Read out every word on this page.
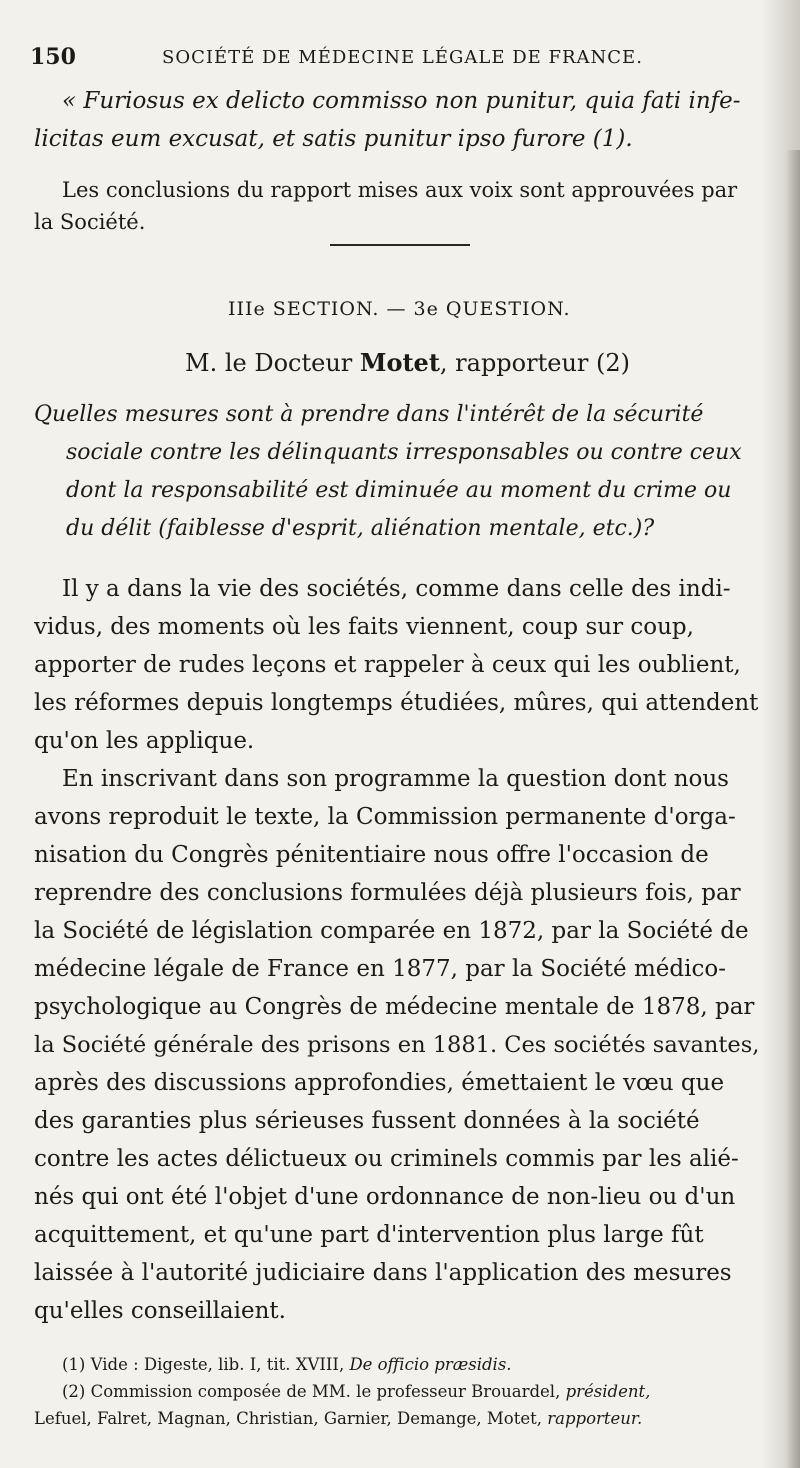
150	SOCIÉTÉ DE MÉDECINE LÉGALE DE FRANCE.
« Furiosus ex delicto commisso non punitur, quia fati infe-
licitas eum excusat, et satis punitur ipso furore (1).
Les conclusions du rapport mises aux voix sont approuvées par
la Société.
IIIe SECTION. — 3e QUESTION.
M. le Docteur Motet, rapporteur (2)
Quelles mesures sont à prendre dans l'intérêt de la sécurité
sociale contre les délinquants irresponsables ou contre ceux
dont la responsabilité est diminuée au moment du crime ou
du délit (faiblesse d'esprit, aliénation mentale, etc.)?
Il y a dans la vie des sociétés, comme dans celle des indi-
vidus, des moments où les faits viennent, coup sur coup,
apporter de rudes leçons et rappeler à ceux qui les oublient,
les réformes depuis longtemps étudiées, mûres, qui attendent
qu'on les applique.
En inscrivant dans son programme la question dont nous
avons reproduit le texte, la Commission permanente d'orga-
nisation du Congrès pénitentiaire nous offre l'occasion de
reprendre des conclusions formulées déjà plusieurs fois, par
la Société de législation comparée en 1872, par la Société de
médecine légale de France en 1877, par la Société médico-
psychologique au Congrès de médecine mentale de 1878, par
la Société générale des prisons en 1881. Ces sociétés savantes,
après des discussions approfondies, émettaient le vœu que
des garanties plus sérieuses fussent données à la société
contre les actes délictueux ou criminels commis par les alié-
nés qui ont été l'objet d'une ordonnance de non-lieu ou d'un
acquittement, et qu'une part d'intervention plus large fût
laissée à l'autorité judiciaire dans l'application des mesures
qu'elles conseillaient.
(1) Vide : Digeste, lib. I, tit. XVIII, De officio præsidis.
(2) Commission composée de MM. le professeur Brouardel, président,
Lefuel, Falret, Magnan, Christian, Garnier, Demange, Motet, rapporteur.
